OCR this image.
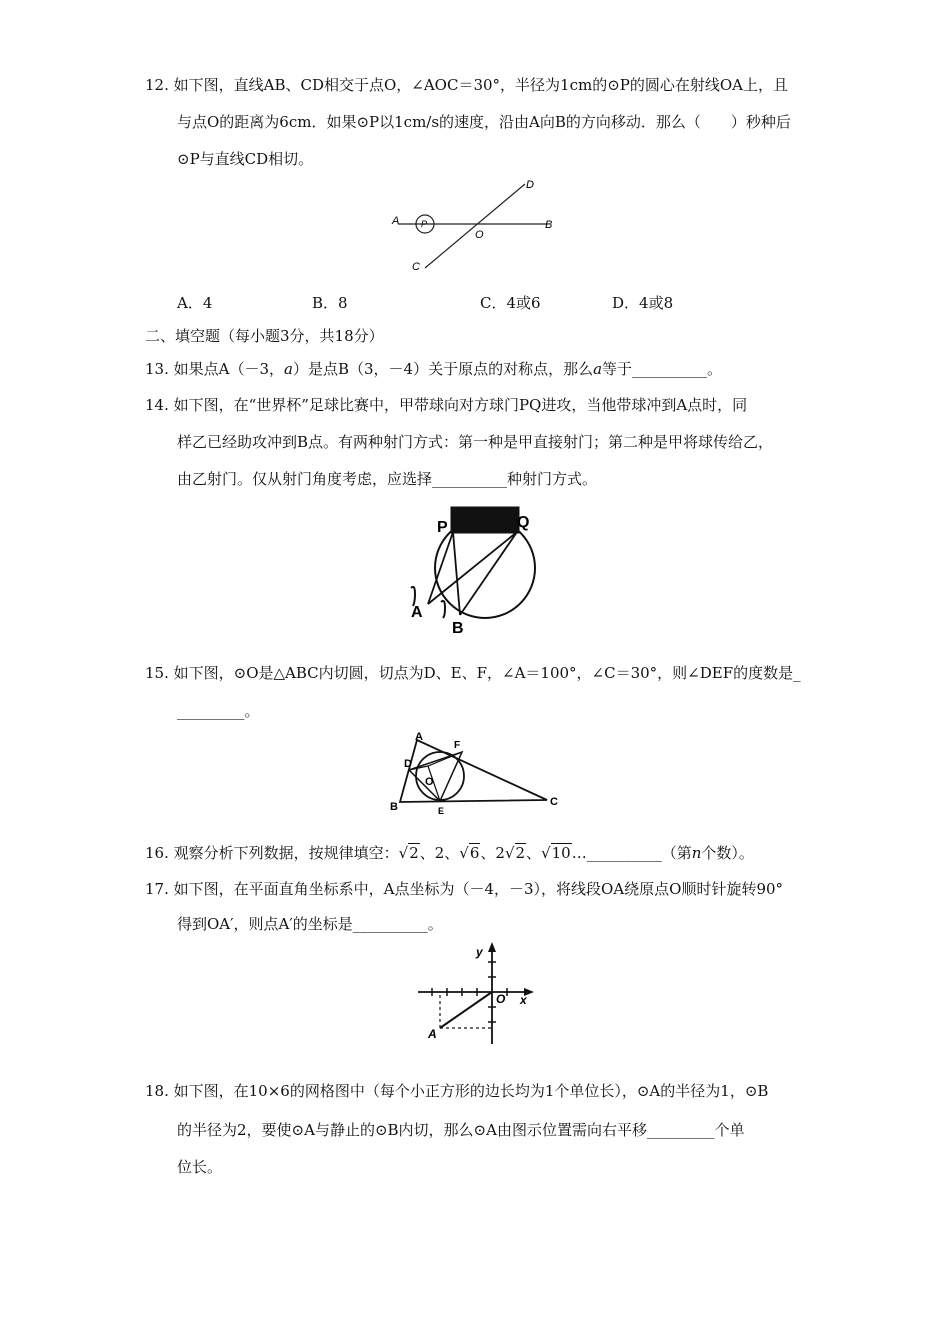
12. 如下图，直线AB、CD相交于点O，∠AOC＝30°，半径为1cm的⊙P的圆心在射线OA上，且
与点O的距离为6cm．如果⊙P以1cm/s的速度，沿由A向B的方向移动．那么（　　）秒种后
⊙P与直线CD相切。
A P
O
B
C
D
A．4	B．8	C．4或6	D．4或8
二、填空题（每小题3分，共18分）
13. 如果点A（－3，a）是点B（3，－4）关于原点的对称点，那么a等于__________。
14. 如下图，在“世界杯”足球比赛中，甲带球向对方球门PQ进攻，当他带球冲到A点时，同
样乙已经助攻冲到B点。有两种射门方式：第一种是甲直接射门；第二种是甲将球传给乙，
由乙射门。仅从射门角度考虑，应选择__________种射门方式。
P	Q
A
B
15. 如下图，⊙O是△ABC内切圆，切点为D、E、F，∠A＝100°，∠C＝30°，则∠DEF的度数是_
_________。
A
B	C
D
E
F
O
16. 观察分析下列数据，按规律填空：√2、2、√6、2√2、√10…__________（第n个数）。
17. 如下图，在平面直角坐标系中，A点坐标为（－4，－3），将线段OA绕原点O顺时针旋转90°
得到OA′，则点A′的坐标是__________。
y
O x
A
18. 如下图，在10×6的网格图中（每个小正方形的边长均为1个单位长），⊙A的半径为1，⊙B
的半径为2，要使⊙A与静止的⊙B内切，那么⊙A由图示位置需向右平移_________个单
位长。
